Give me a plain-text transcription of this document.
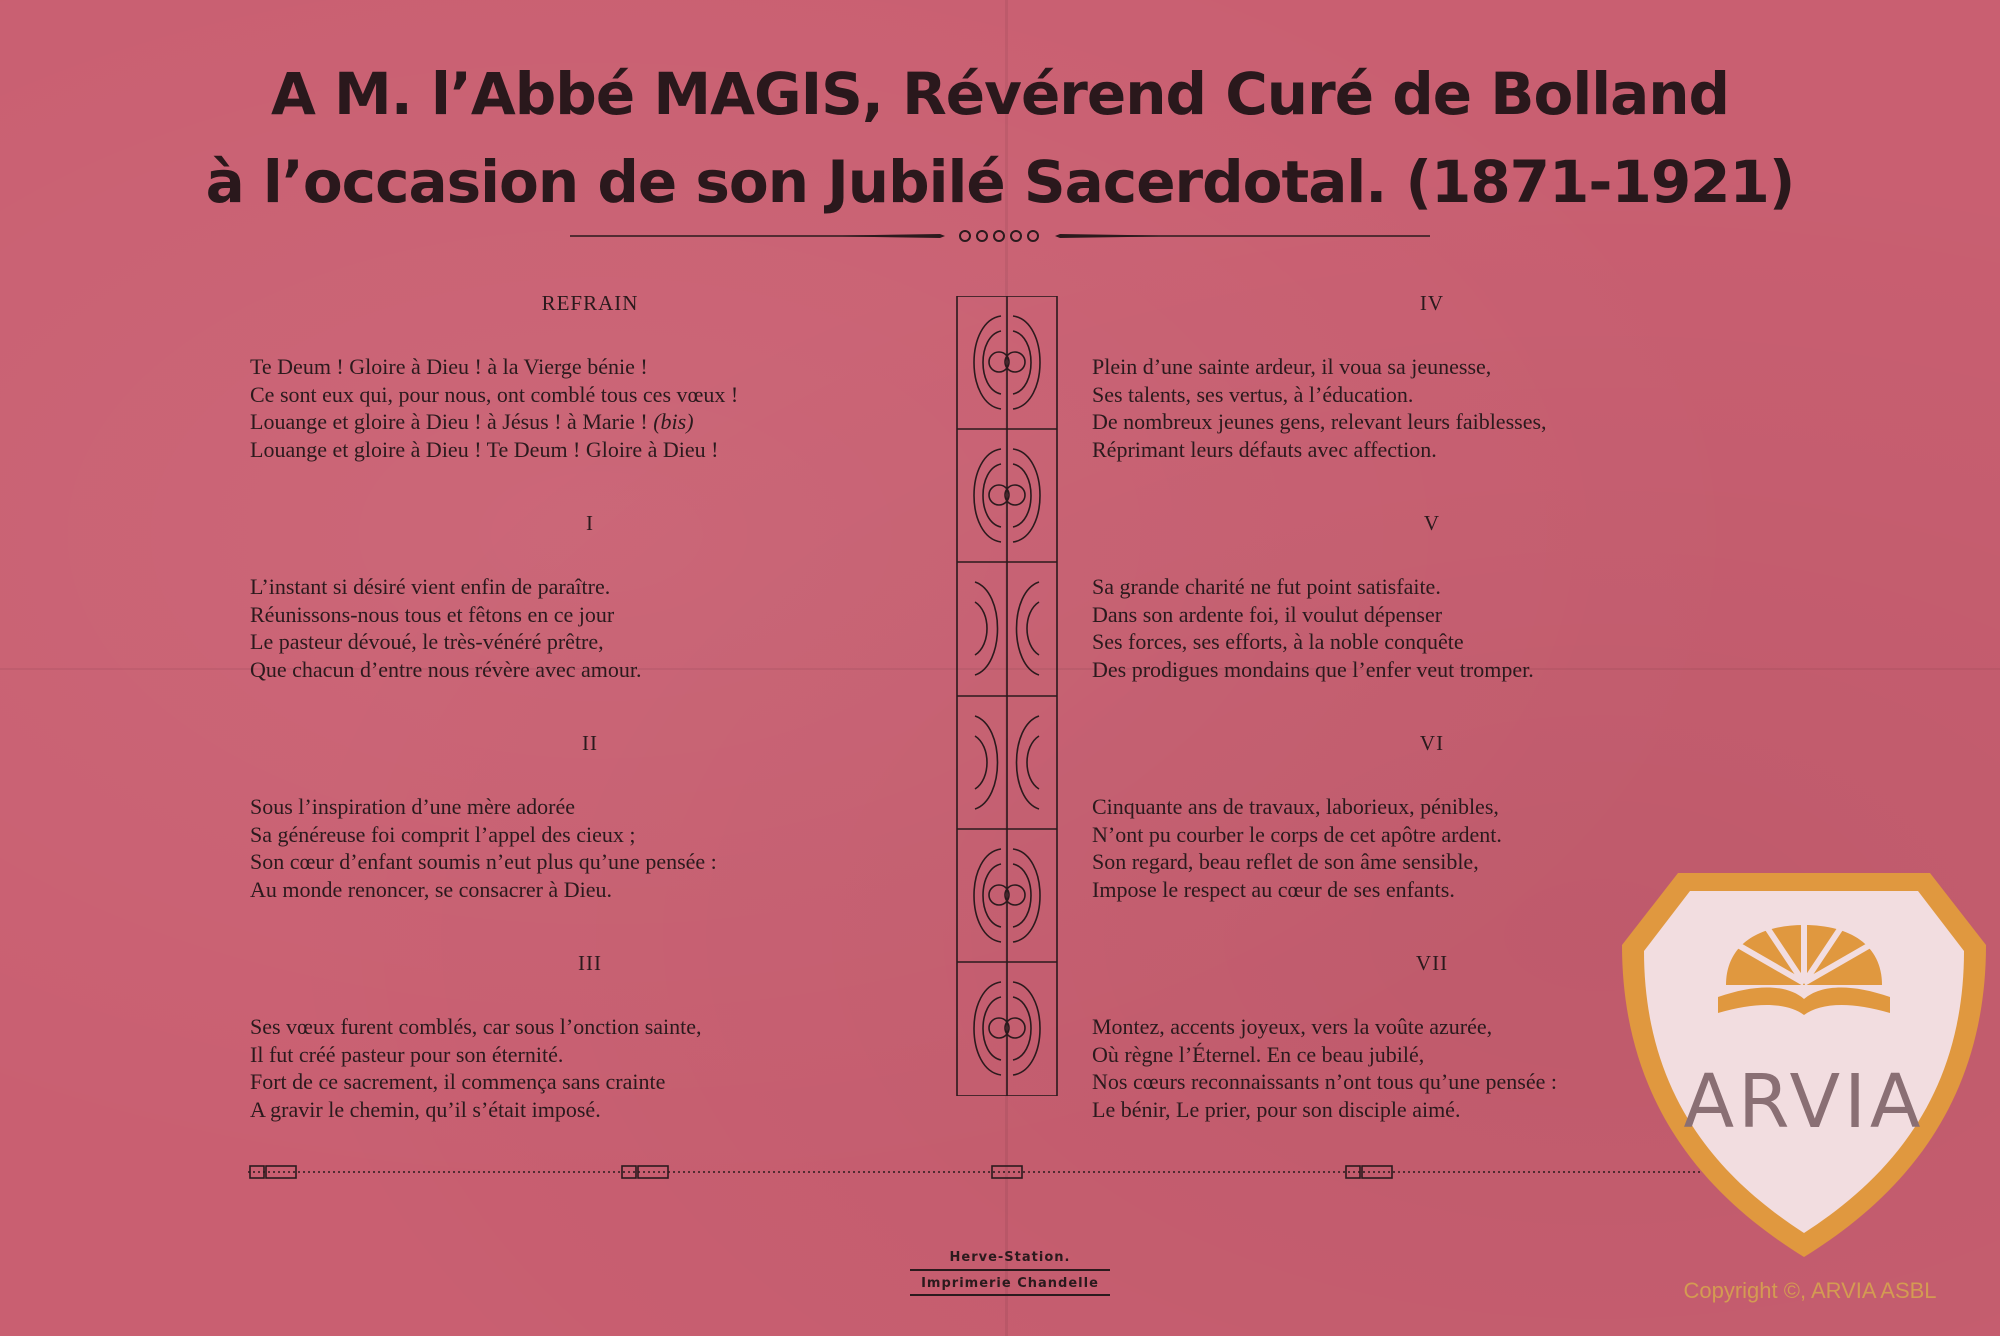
A M. l’Abbé MAGIS, Révérend Curé de Bolland
à l’occasion de son Jubilé Sacerdotal. (1871-1921)
REFRAIN
Te Deum ! Gloire à Dieu ! à la Vierge bénie !
Ce sont eux qui, pour nous, ont comblé tous ces vœux !
Louange et gloire à Dieu ! à Jésus ! à Marie ! (bis)
Louange et gloire à Dieu ! Te Deum ! Gloire à Dieu !
I
L’instant si désiré vient enfin de paraître.
Réunissons-nous tous et fêtons en ce jour
Le pasteur dévoué, le très-vénéré prêtre,
Que chacun d’entre nous révère avec amour.
II
Sous l’inspiration d’une mère adorée
Sa généreuse foi comprit l’appel des cieux ;
Son cœur d’enfant soumis n’eut plus qu’une pensée :
Au monde renoncer, se consacrer à Dieu.
III
Ses vœux furent comblés, car sous l’onction sainte,
Il fut créé pasteur pour son éternité.
Fort de ce sacrement, il commença sans crainte
A gravir le chemin, qu’il s’était imposé.
IV
Plein d’une sainte ardeur, il voua sa jeunesse,
Ses talents, ses vertus, à l’éducation.
De nombreux jeunes gens, relevant leurs faiblesses,
Réprimant leurs défauts avec affection.
V
Sa grande charité ne fut point satisfaite.
Dans son ardente foi, il voulut dépenser
Ses forces, ses efforts, à la noble conquête
Des prodigues mondains que l’enfer veut tromper.
VI
Cinquante ans de travaux, laborieux, pénibles,
N’ont pu courber le corps de cet apôtre ardent.
Son regard, beau reflet de son âme sensible,
Impose le respect au cœur de ses enfants.
VII
Montez, accents joyeux, vers la voûte azurée,
Où règne l’Éternel. En ce beau jubilé,
Nos cœurs reconnaissants n’ont tous qu’une pensée :
Le bénir, Le prier, pour son disciple aimé.
Herve-Station.
Imprimerie Chandelle
ARVIA
Copyright ©, ARVIA ASBL
